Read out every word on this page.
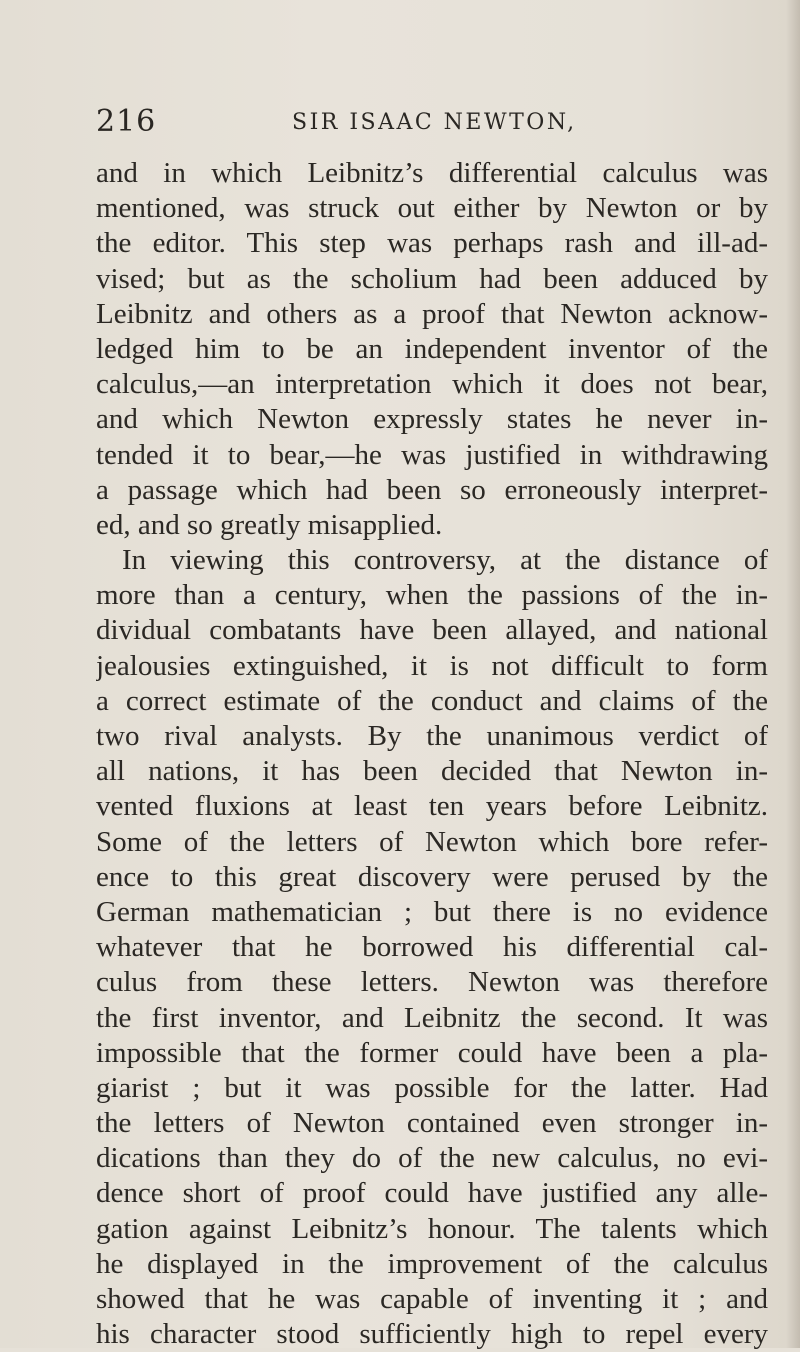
216	SIR ISAAC NEWTON,
and in which Leibnitz’s differential calculus was
mentioned, was struck out either by Newton or by
the editor. This step was perhaps rash and ill-ad-
vised; but as the scholium had been adduced by
Leibnitz and others as a proof that Newton acknow-
ledged him to be an independent inventor of the
calculus,—an interpretation which it does not bear,
and which Newton expressly states he never in-
tended it to bear,—he was justified in withdrawing
a passage which had been so erroneously interpret-
ed, and so greatly misapplied.
In viewing this controversy, at the distance of
more than a century, when the passions of the in-
dividual combatants have been allayed, and national
jealousies extinguished, it is not difficult to form
a correct estimate of the conduct and claims of the
two rival analysts. By the unanimous verdict of
all nations, it has been decided that Newton in-
vented fluxions at least ten years before Leibnitz.
Some of the letters of Newton which bore refer-
ence to this great discovery were perused by the
German mathematician ; but there is no evidence
whatever that he borrowed his differential cal-
culus from these letters. Newton was therefore
the first inventor, and Leibnitz the second. It was
impossible that the former could have been a pla-
giarist ; but it was possible for the latter. Had
the letters of Newton contained even stronger in-
dications than they do of the new calculus, no evi-
dence short of proof could have justified any alle-
gation against Leibnitz’s honour. The talents which
he displayed in the improvement of the calculus
showed that he was capable of inventing it ; and
his character stood sufficiently high to repel every
